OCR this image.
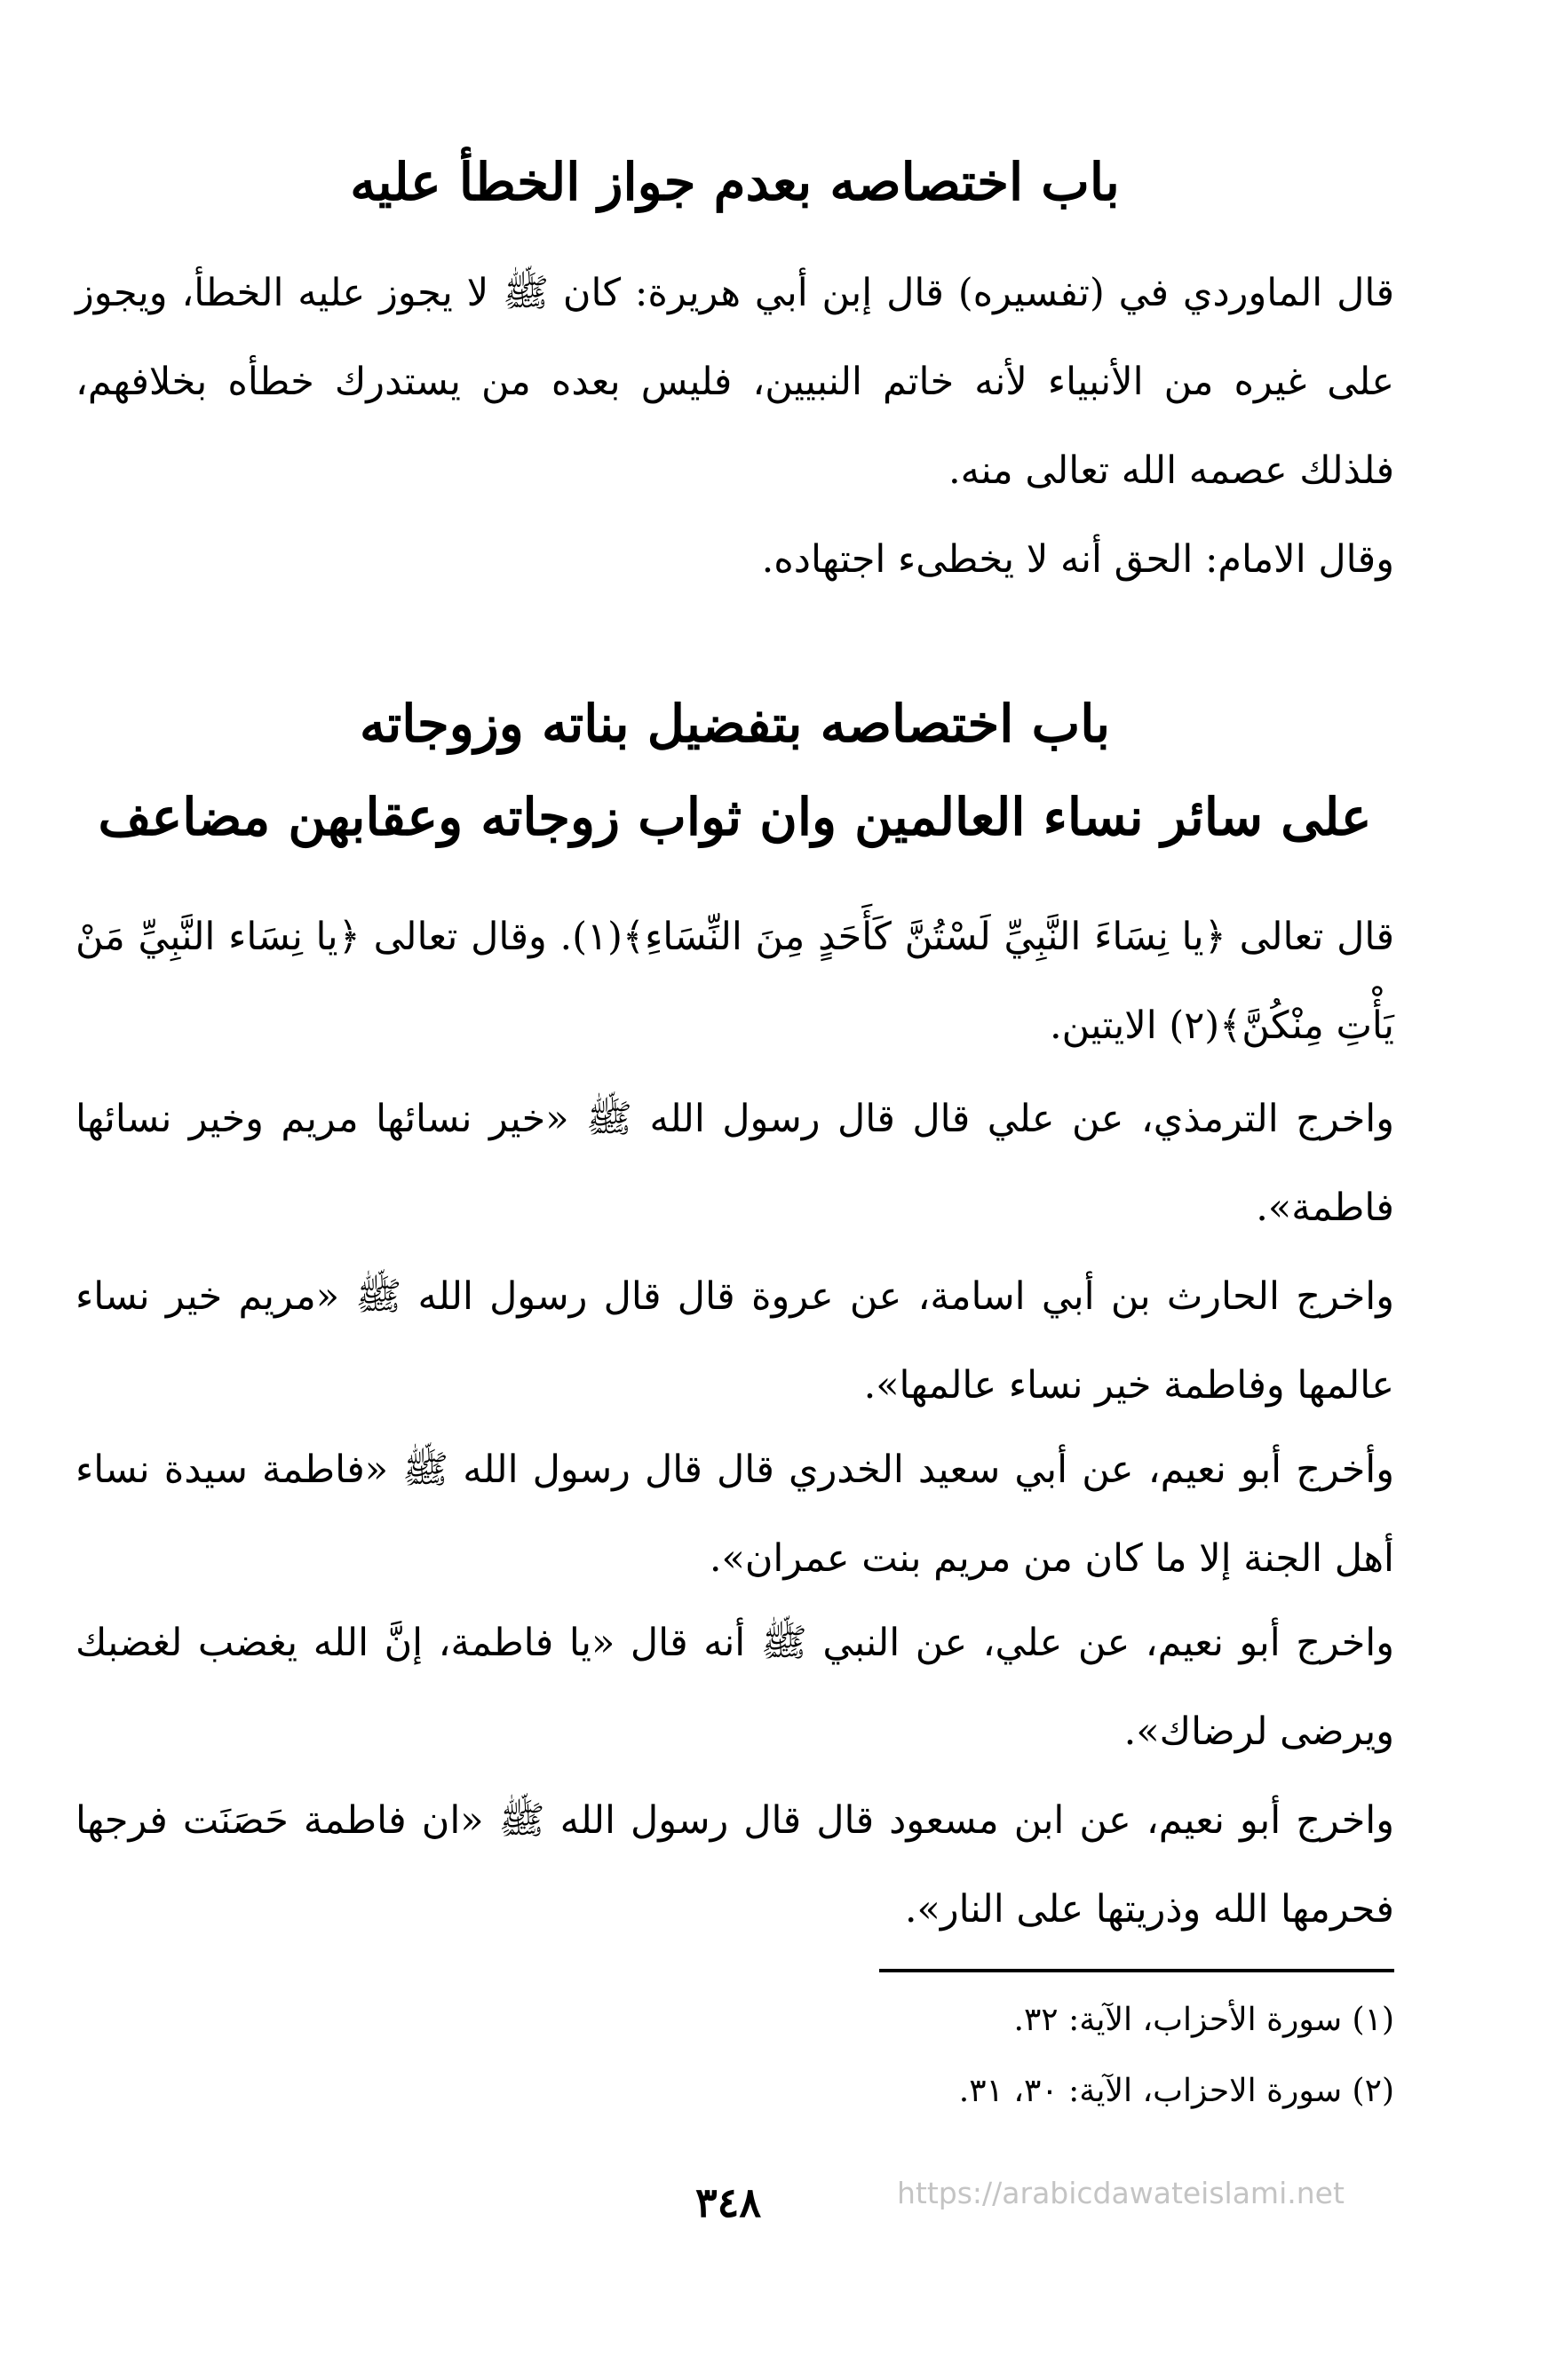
باب اختصاصه بعدم جواز الخطأ عليه
قال الماوردي في (تفسيره) قال إبن أبي هريرة: كان ﷺ لا يجوز عليه الخطأ، ويجوز على غيره من الأنبياء لأنه خاتم النبيين، فليس بعده من يستدرك خطأه بخلافهم، فلذلك عصمه الله تعالى منه.
وقال الامام: الحق أنه لا يخطىء اجتهاده.
باب اختصاصه بتفضيل بناته وزوجاته
على سائر نساء العالمين وان ثواب زوجاته وعقابهن مضاعف
قال تعالى ﴿يا نِسَاءَ النَّبِيِّ لَسْتُنَّ كَأَحَدٍ مِنَ النِّسَاءِ﴾(١). وقال تعالى ﴿يا نِسَاء النَّبِيِّ مَنْ يَأْتِ مِنْكُنَّ﴾(٢) الايتين.
واخرج الترمذي، عن علي قال قال رسول الله ﷺ «خير نسائها مريم وخير نسائها فاطمة».
واخرج الحارث بن أبي اسامة، عن عروة قال قال رسول الله ﷺ «مريم خير نساء عالمها وفاطمة خير نساء عالمها».
وأخرج أبو نعيم، عن أبي سعيد الخدري قال قال رسول الله ﷺ «فاطمة سيدة نساء أهل الجنة إلا ما كان من مريم بنت عمران».
واخرج أبو نعيم، عن علي، عن النبي ﷺ أنه قال «يا فاطمة، إنَّ الله يغضب لغضبك ويرضى لرضاك».
واخرج أبو نعيم، عن ابن مسعود قال قال رسول الله ﷺ «ان فاطمة حَصَنَت فرجها فحرمها الله وذريتها على النار».
(١) سورة الأحزاب، الآية: ٣٢.
(٢) سورة الاحزاب، الآية: ٣٠، ٣١.
٣٤٨	https://arabicdawateislami.net
